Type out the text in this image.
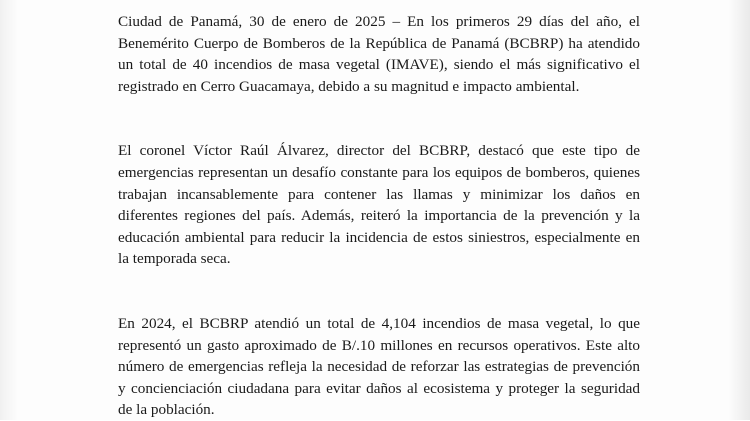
Ciudad de Panamá, 30 de enero de 2025 – En los primeros 29 días del año, el Benemérito Cuerpo de Bomberos de la República de Panamá (BCBRP) ha atendido un total de 40 incendios de masa vegetal (IMAVE), siendo el más significativo el registrado en Cerro Guacamaya, debido a su magnitud e impacto ambiental.

El coronel Víctor Raúl Álvarez, director del BCBRP, destacó que este tipo de emergencias representan un desafío constante para los equipos de bomberos, quienes trabajan incansablemente para contener las llamas y minimizar los daños en diferentes regiones del país. Además, reiteró la importancia de la prevención y la educación ambiental para reducir la incidencia de estos siniestros, especialmente en la temporada seca.

En 2024, el BCBRP atendió un total de 4,104 incendios de masa vegetal, lo que representó un gasto aproximado de B/.10 millones en recursos operativos. Este alto número de emergencias refleja la necesidad de reforzar las estrategias de prevención y concienciación ciudadana para evitar daños al ecosistema y proteger la seguridad de la población.
